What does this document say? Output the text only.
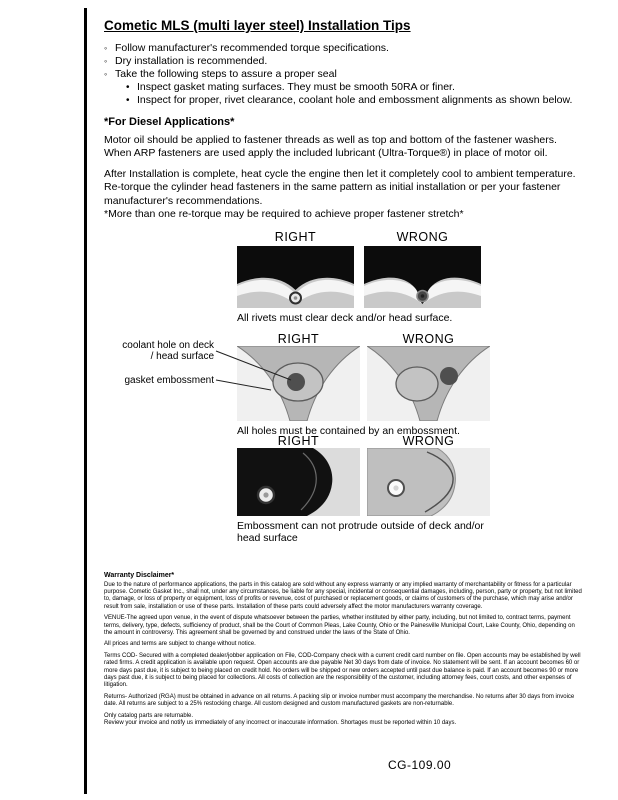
Cometic MLS (multi layer steel) Installation Tips
◦
Follow manufacturer's recommended torque specifications.
◦
Dry installation is recommended.
◦
Take the following steps to assure a proper seal
•
Inspect gasket mating surfaces. They must be smooth 50RA or finer.
•
Inspect for proper, rivet clearance, coolant hole and embossment alignments as shown below.
*For Diesel Applications*
Motor oil should be applied to fastener threads as well as top and bottom of the fastener washers. When ARP fasteners are used apply the included lubricant (Ultra-Torque®) in place of motor oil.
After Installation is complete, heat cycle the engine then let it completely cool to ambient temperature. Re-torque the cylinder head fasteners in the same pattern as initial installation or per your fastener manufacturer's recommendations.
*More than one re-torque may be required to achieve proper fastener stretch*
RIGHT	WRONG
All rivets must clear deck and/or head surface.
RIGHT	WRONG
coolant hole on deck / head surface
gasket embossment
All holes must be contained by an embossment.
RIGHT	WRONG
Embossment can not protrude outside of deck and/or head surface
Warranty Disclaimer*

Due to the nature of performance applications, the parts in this catalog are sold without any express warranty or any implied warranty of merchantability or fitness for a particular purpose. Cometic Gasket Inc., shall not, under any circumstances, be liable for any special, incidental or consequential damages, including, person, party or property, but not limited to, damage, or loss of property or equipment, loss of profits or revenue, cost of purchased or replacement goods, or claims of customers of the purchase, which may arise and/or result from sale, installation or use of these parts. Installation of these parts could adversely affect the motor manufacturers warranty coverage.

VENUE-The agreed upon venue, in the event of dispute whatsoever between the parties, whether instituted by either party, including, but not limited to, contract terms, payment terms, delivery, type, defects, sufficiency of product, shall be the Court of Common Pleas, Lake County, Ohio or the Painesville Municipal Court, Lake County, Ohio, depending on the amount in controversy. This agreement shall be governed by and construed under the laws of the State of Ohio.

All prices and terms are subject to change without notice.

Terms COD- Secured with a completed dealer/jobber application on File, COD-Company check with a current credit card number on file. Open accounts may be established by well rated firms. A credit application is available upon request. Open accounts are due payable Net 30 days from date of invoice. No statement will be sent. If an account becomes 60 or more days past due, it is subject to being placed on credit hold. No orders will be shipped or new orders accepted until past due balance is paid. If an account becomes 90 or more days past due, it is subject to being placed for collections. All costs of collection are the responsibility of the customer, including attorney fees, court costs, and other expenses of litigation.

Returns- Authorized (RGA) must be obtained in advance on all returns. A packing slip or invoice number must accompany the merchandise. No returns after 30 days from invoice date. All returns are subject to a 25% restocking charge. All custom designed and custom manufactured gaskets are non-returnable.

Only catalog parts are returnable.

Review your invoice and notify us immediately of any incorrect or inaccurate information. Shortages must be reported within 10 days.

CG-109.00
